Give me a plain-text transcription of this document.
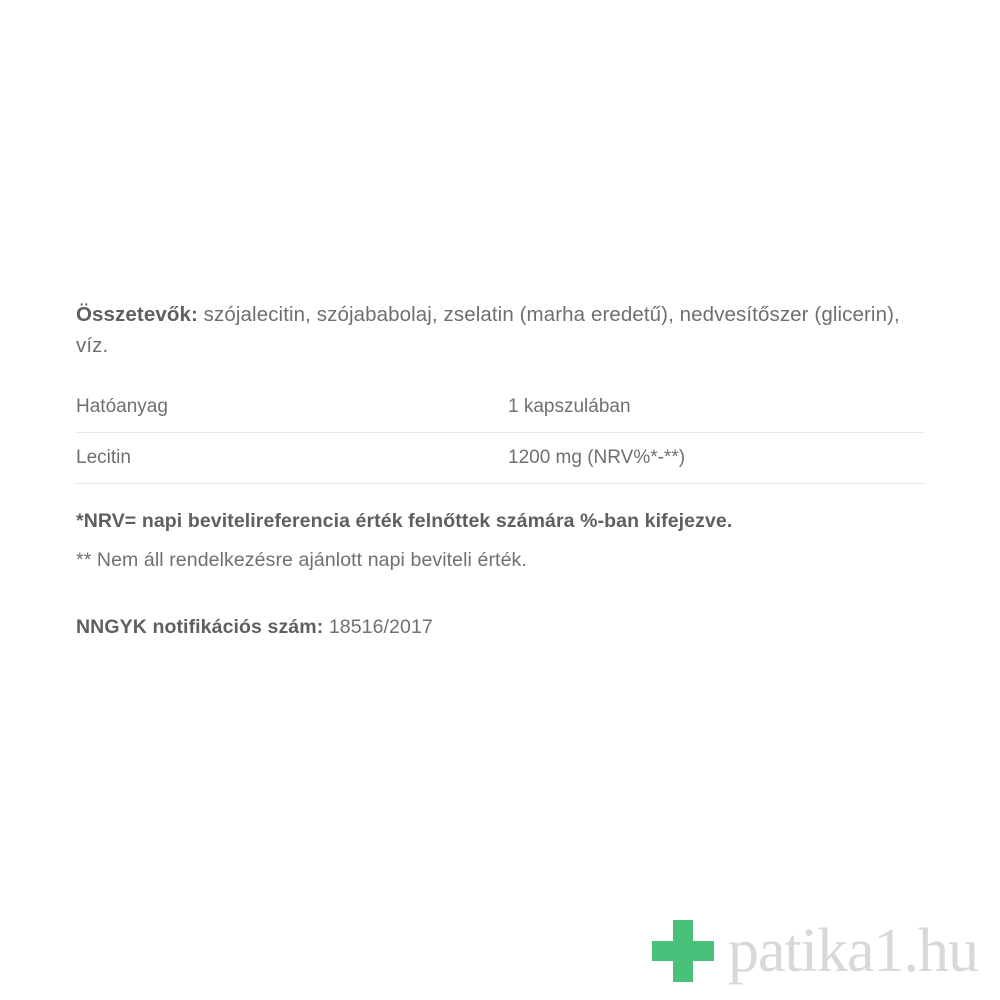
Összetevők: szójalecitin, szójababolaj, zselatin (marha eredetű), nedvesítőszer (glicerin), víz.

Hatóanyag	1 kapszulában
Lecitin	1200 mg (NRV%*-**)

*NRV= napi bevitelireferencia érték felnőttek számára %-ban kifejezve.

** Nem áll rendelkezésre ajánlott napi beviteli érték.

NNGYK notifikációs szám: 18516/2017
patika1.hu
